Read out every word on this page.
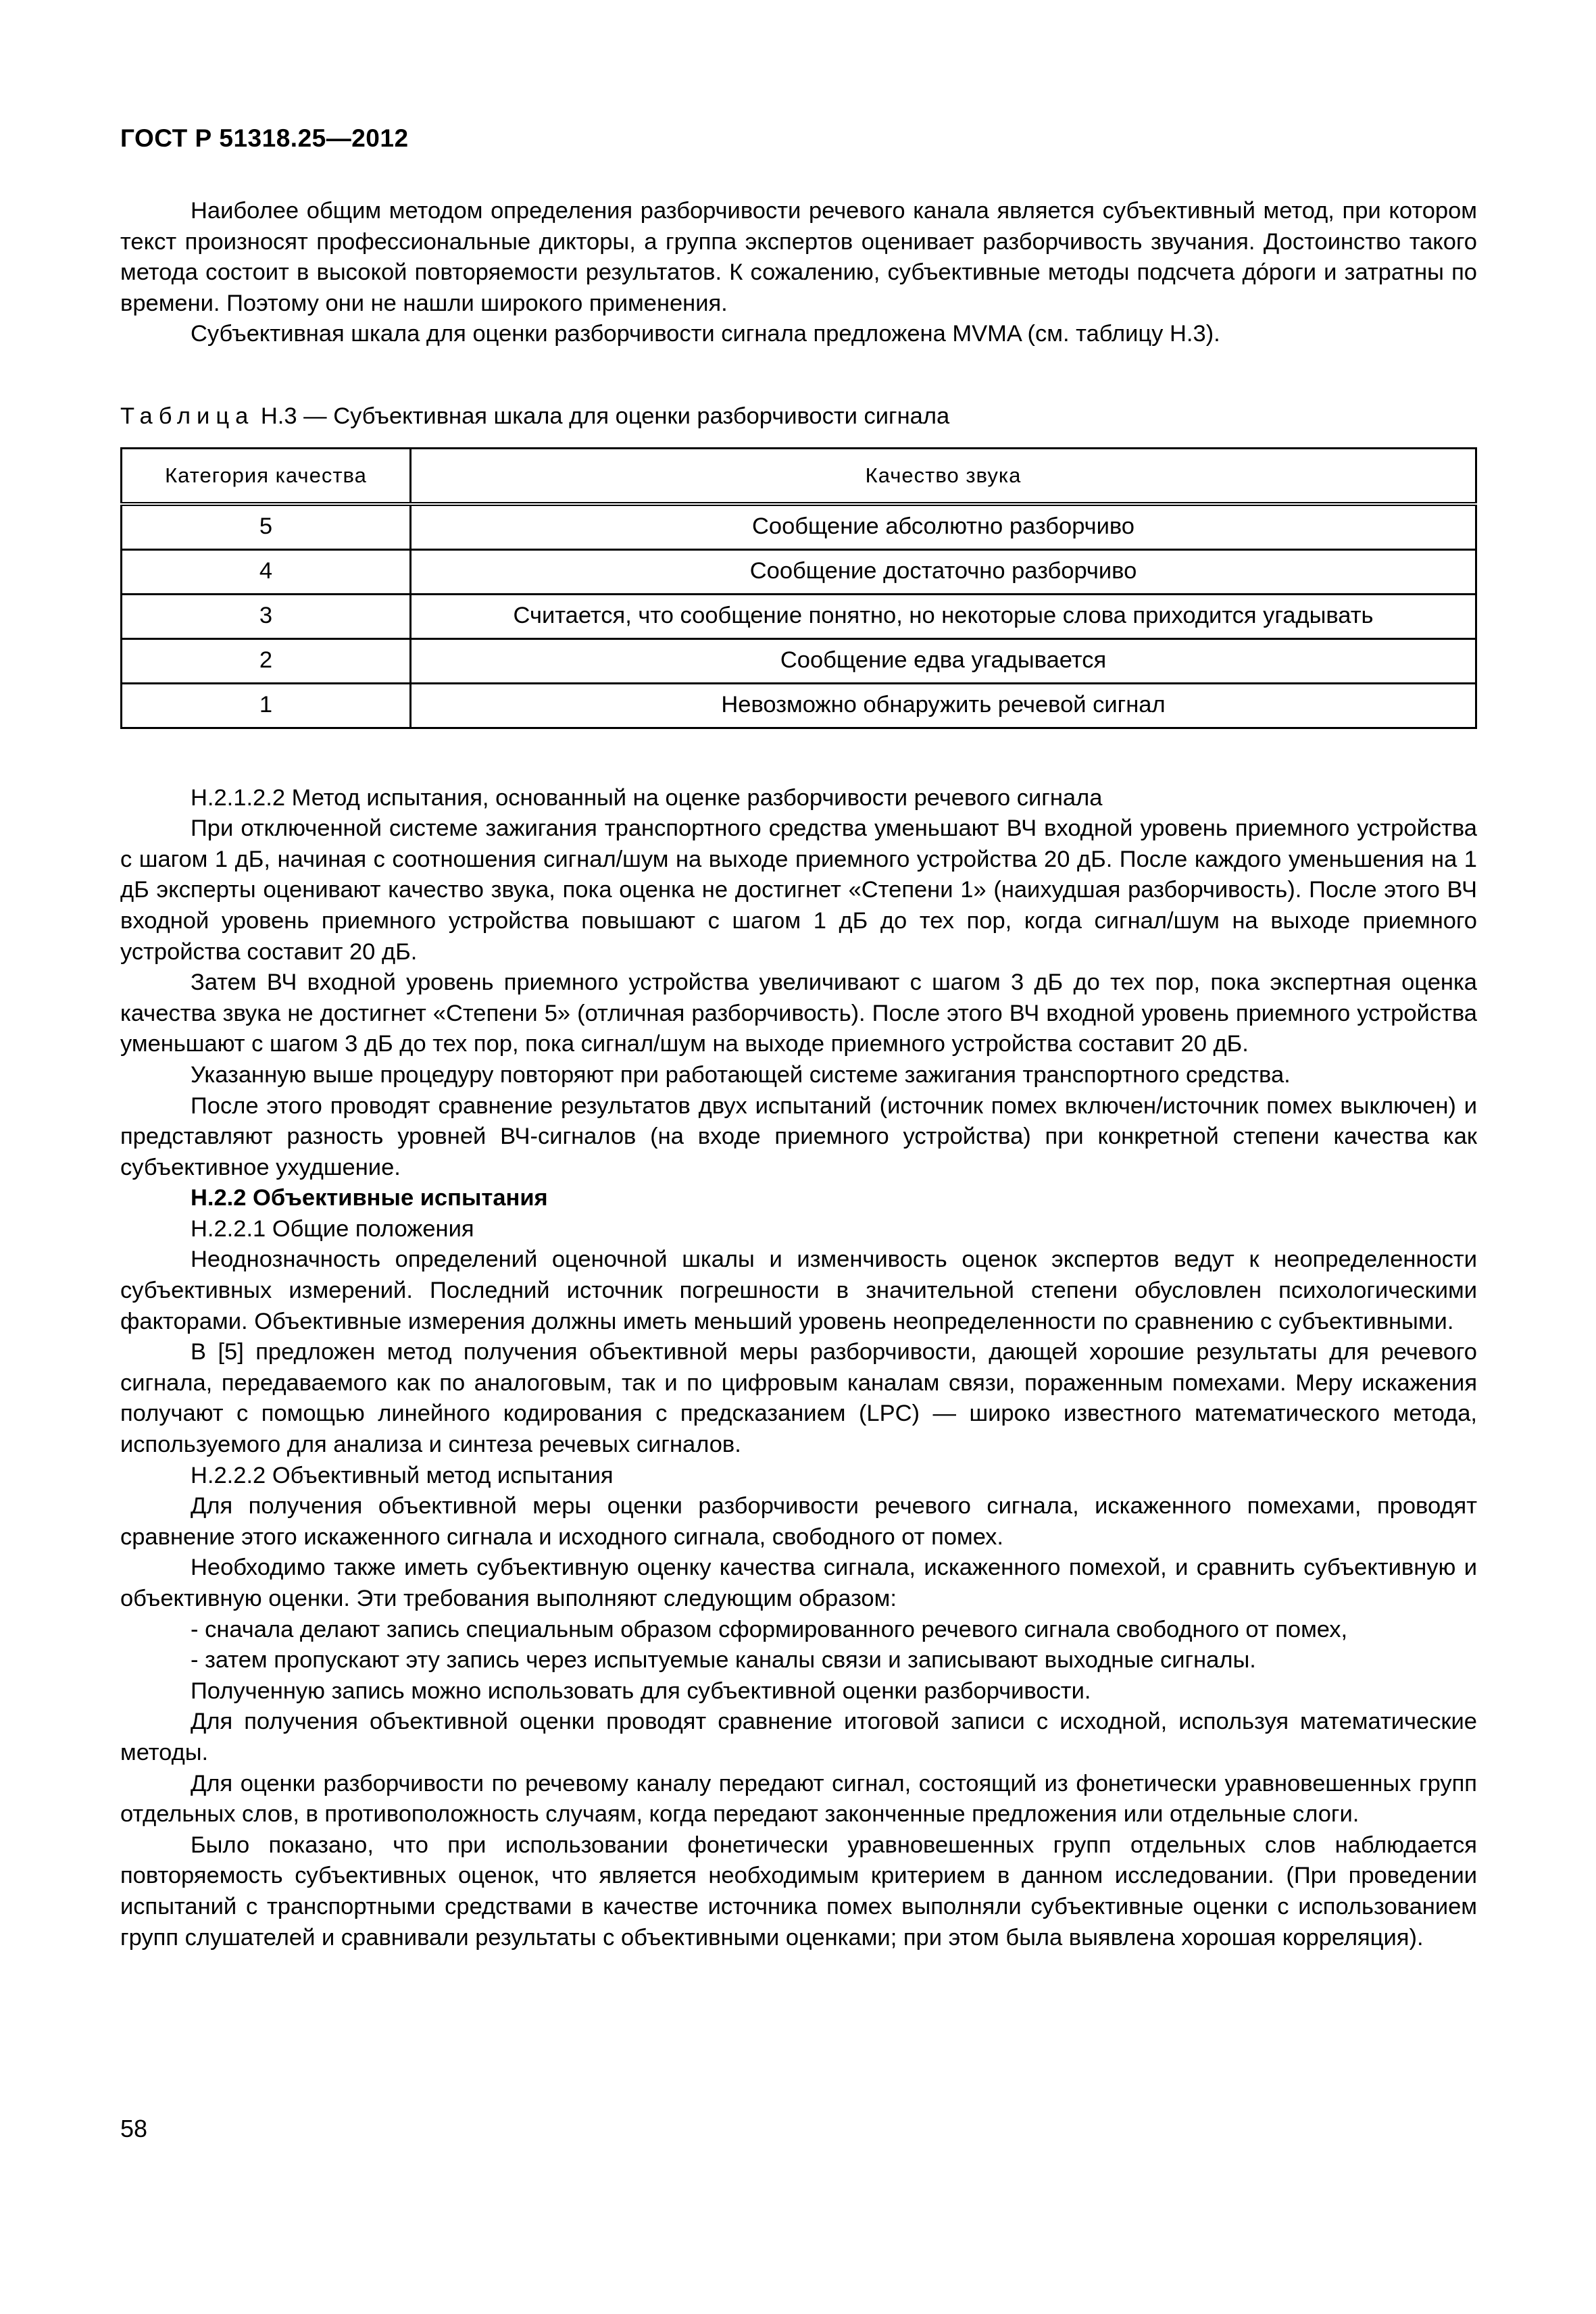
ГОСТ Р 51318.25—2012

Наиболее общим методом определения разборчивости речевого канала является субъективный метод, при котором текст произносят профессиональные дикторы, а группа экспертов оценивает разборчивость звучания. Достоинство такого метода состоит в высокой повторяемости результатов. К сожалению, субъективные методы подсчета до́роги и затратны по времени. Поэтому они не нашли широкого применения.

Субъективная шкала для оценки разборчивости сигнала предложена MVMA (см. таблицу Н.3).

Таблица Н.3 — Субъективная шкала для оценки разборчивости сигнала
Категория качества	Качество звука
5	Сообщение абсолютно разборчиво
4	Сообщение достаточно разборчиво
3	Считается, что сообщение понятно, но некоторые слова приходится угадывать
2	Сообщение едва угадывается
1	Невозможно обнаружить речевой сигнал

Н.2.1.2.2 Метод испытания, основанный на оценке разборчивости речевого сигнала

При отключенной системе зажигания транспортного средства уменьшают ВЧ входной уровень приемного устройства с шагом 1 дБ, начиная с соотношения сигнал/шум на выходе приемного устройства 20 дБ. После каждого уменьшения на 1 дБ эксперты оценивают качество звука, пока оценка не достигнет «Степени 1» (наихудшая разборчивость). После этого ВЧ входной уровень приемного устройства повышают с шагом 1 дБ до тех пор, когда сигнал/шум на выходе приемного устройства составит 20 дБ.

Затем ВЧ входной уровень приемного устройства увеличивают с шагом 3 дБ до тех пор, пока экспертная оценка качества звука не достигнет «Степени 5» (отличная разборчивость). После этого ВЧ входной уровень приемного устройства уменьшают с шагом 3 дБ до тех пор, пока сигнал/шум на выходе приемного устройства составит 20 дБ.

Указанную выше процедуру повторяют при работающей системе зажигания транспортного средства.

После этого проводят сравнение результатов двух испытаний (источник помех включен/источник помех выключен) и представляют разность уровней ВЧ-сигналов (на входе приемного устройства) при конкретной степени качества как субъективное ухудшение.

Н.2.2 Объективные испытания

Н.2.2.1 Общие положения

Неоднозначность определений оценочной шкалы и изменчивость оценок экспертов ведут к неопределенности субъективных измерений. Последний источник погрешности в значительной степени обусловлен психологическими факторами. Объективные измерения должны иметь меньший уровень неопределенности по сравнению с субъективными.

В [5] предложен метод получения объективной меры разборчивости, дающей хорошие результаты для речевого сигнала, передаваемого как по аналоговым, так и по цифровым каналам связи, пораженным помехами. Меру искажения получают с помощью линейного кодирования с предсказанием (LPC) — широко известного математического метода, используемого для анализа и синтеза речевых сигналов.

Н.2.2.2 Объективный метод испытания

Для получения объективной меры оценки разборчивости речевого сигнала, искаженного помехами, проводят сравнение этого искаженного сигнала и исходного сигнала, свободного от помех.

Необходимо также иметь субъективную оценку качества сигнала, искаженного помехой, и сравнить субъективную и объективную оценки. Эти требования выполняют следующим образом:

- сначала делают запись специальным образом сформированного речевого сигнала свободного от помех,

- затем пропускают эту запись через испытуемые каналы связи и записывают выходные сигналы.

Полученную запись можно использовать для субъективной оценки разборчивости.

Для получения объективной оценки проводят сравнение итоговой записи с исходной, используя математические методы.

Для оценки разборчивости по речевому каналу передают сигнал, состоящий из фонетически уравновешенных групп отдельных слов, в противоположность случаям, когда передают законченные предложения или отдельные слоги.

Было показано, что при использовании фонетически уравновешенных групп отдельных слов наблюдается повторяемость субъективных оценок, что является необходимым критерием в данном исследовании. (При проведении испытаний с транспортными средствами в качестве источника помех выполняли субъективные оценки с использованием групп слушателей и сравнивали результаты с объективными оценками; при этом была выявлена хорошая корреляция).

58
